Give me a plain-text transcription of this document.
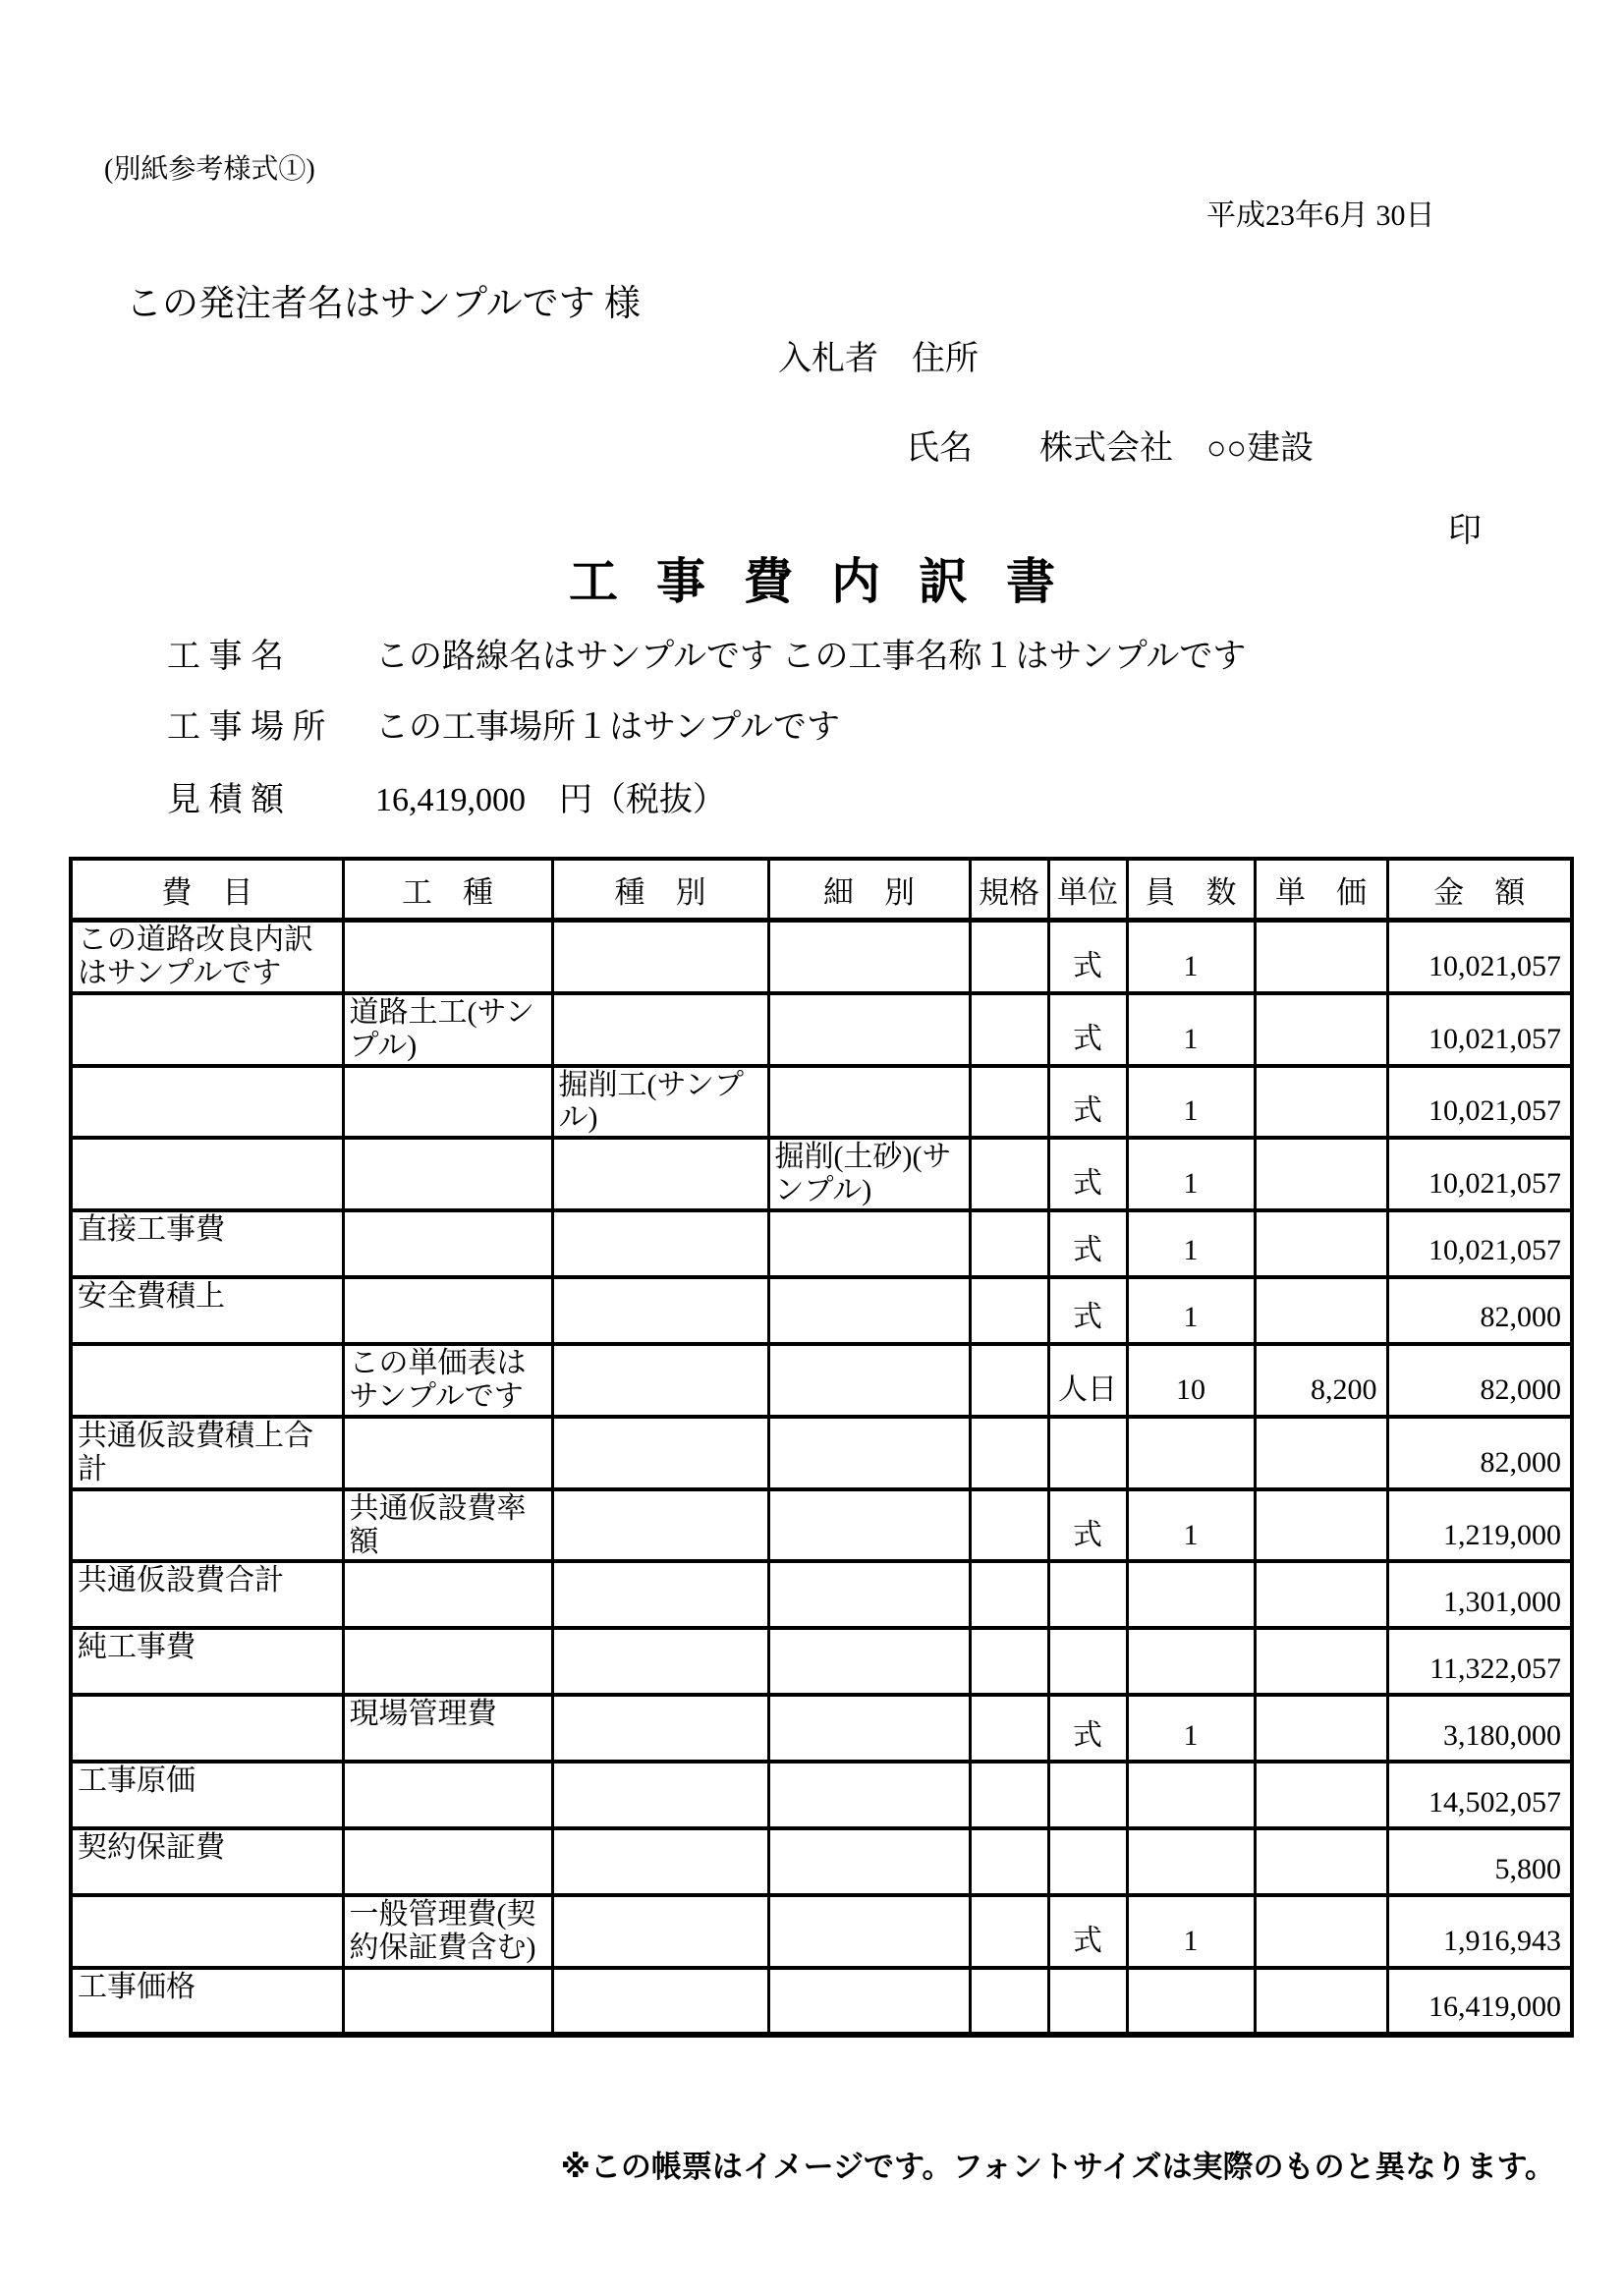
(別紙参考様式①)
平成23年6月 30日
この発注者名はサンプルです 様
入札者　住所
氏名　　株式会社　○○建設
印
工事費内訳書
工 事 名	この路線名はサンプルです この工事名称１はサンプルです
工 事 場 所 この工事場所１はサンプルです
見 積 額	16,419,000　円（税抜）
費　目	工　種	種　別	細　別	規格	単位	員　数	単　価	金　額
この道路改良内訳はサンプルです					式	1		10,021,057
	道路土工(サンプル)				式	1		10,021,057
		掘削工(サンプル)			式	1		10,021,057
			掘削(土砂)(サンプル)		式	1		10,021,057
直接工事費					式	1		10,021,057
安全費積上					式	1		82,000
	この単価表はサンプルです				人日	10	8,200	82,000
共通仮設費積上合計								82,000
	共通仮設費率額				式	1		1,219,000
共通仮設費合計								1,301,000
純工事費								11,322,057
	現場管理費				式	1		3,180,000
工事原価								14,502,057
契約保証費								5,800
	一般管理費(契約保証費含む)				式	1		1,916,943
工事価格								16,419,000
※この帳票はイメージです。フォントサイズは実際のものと異なります。
